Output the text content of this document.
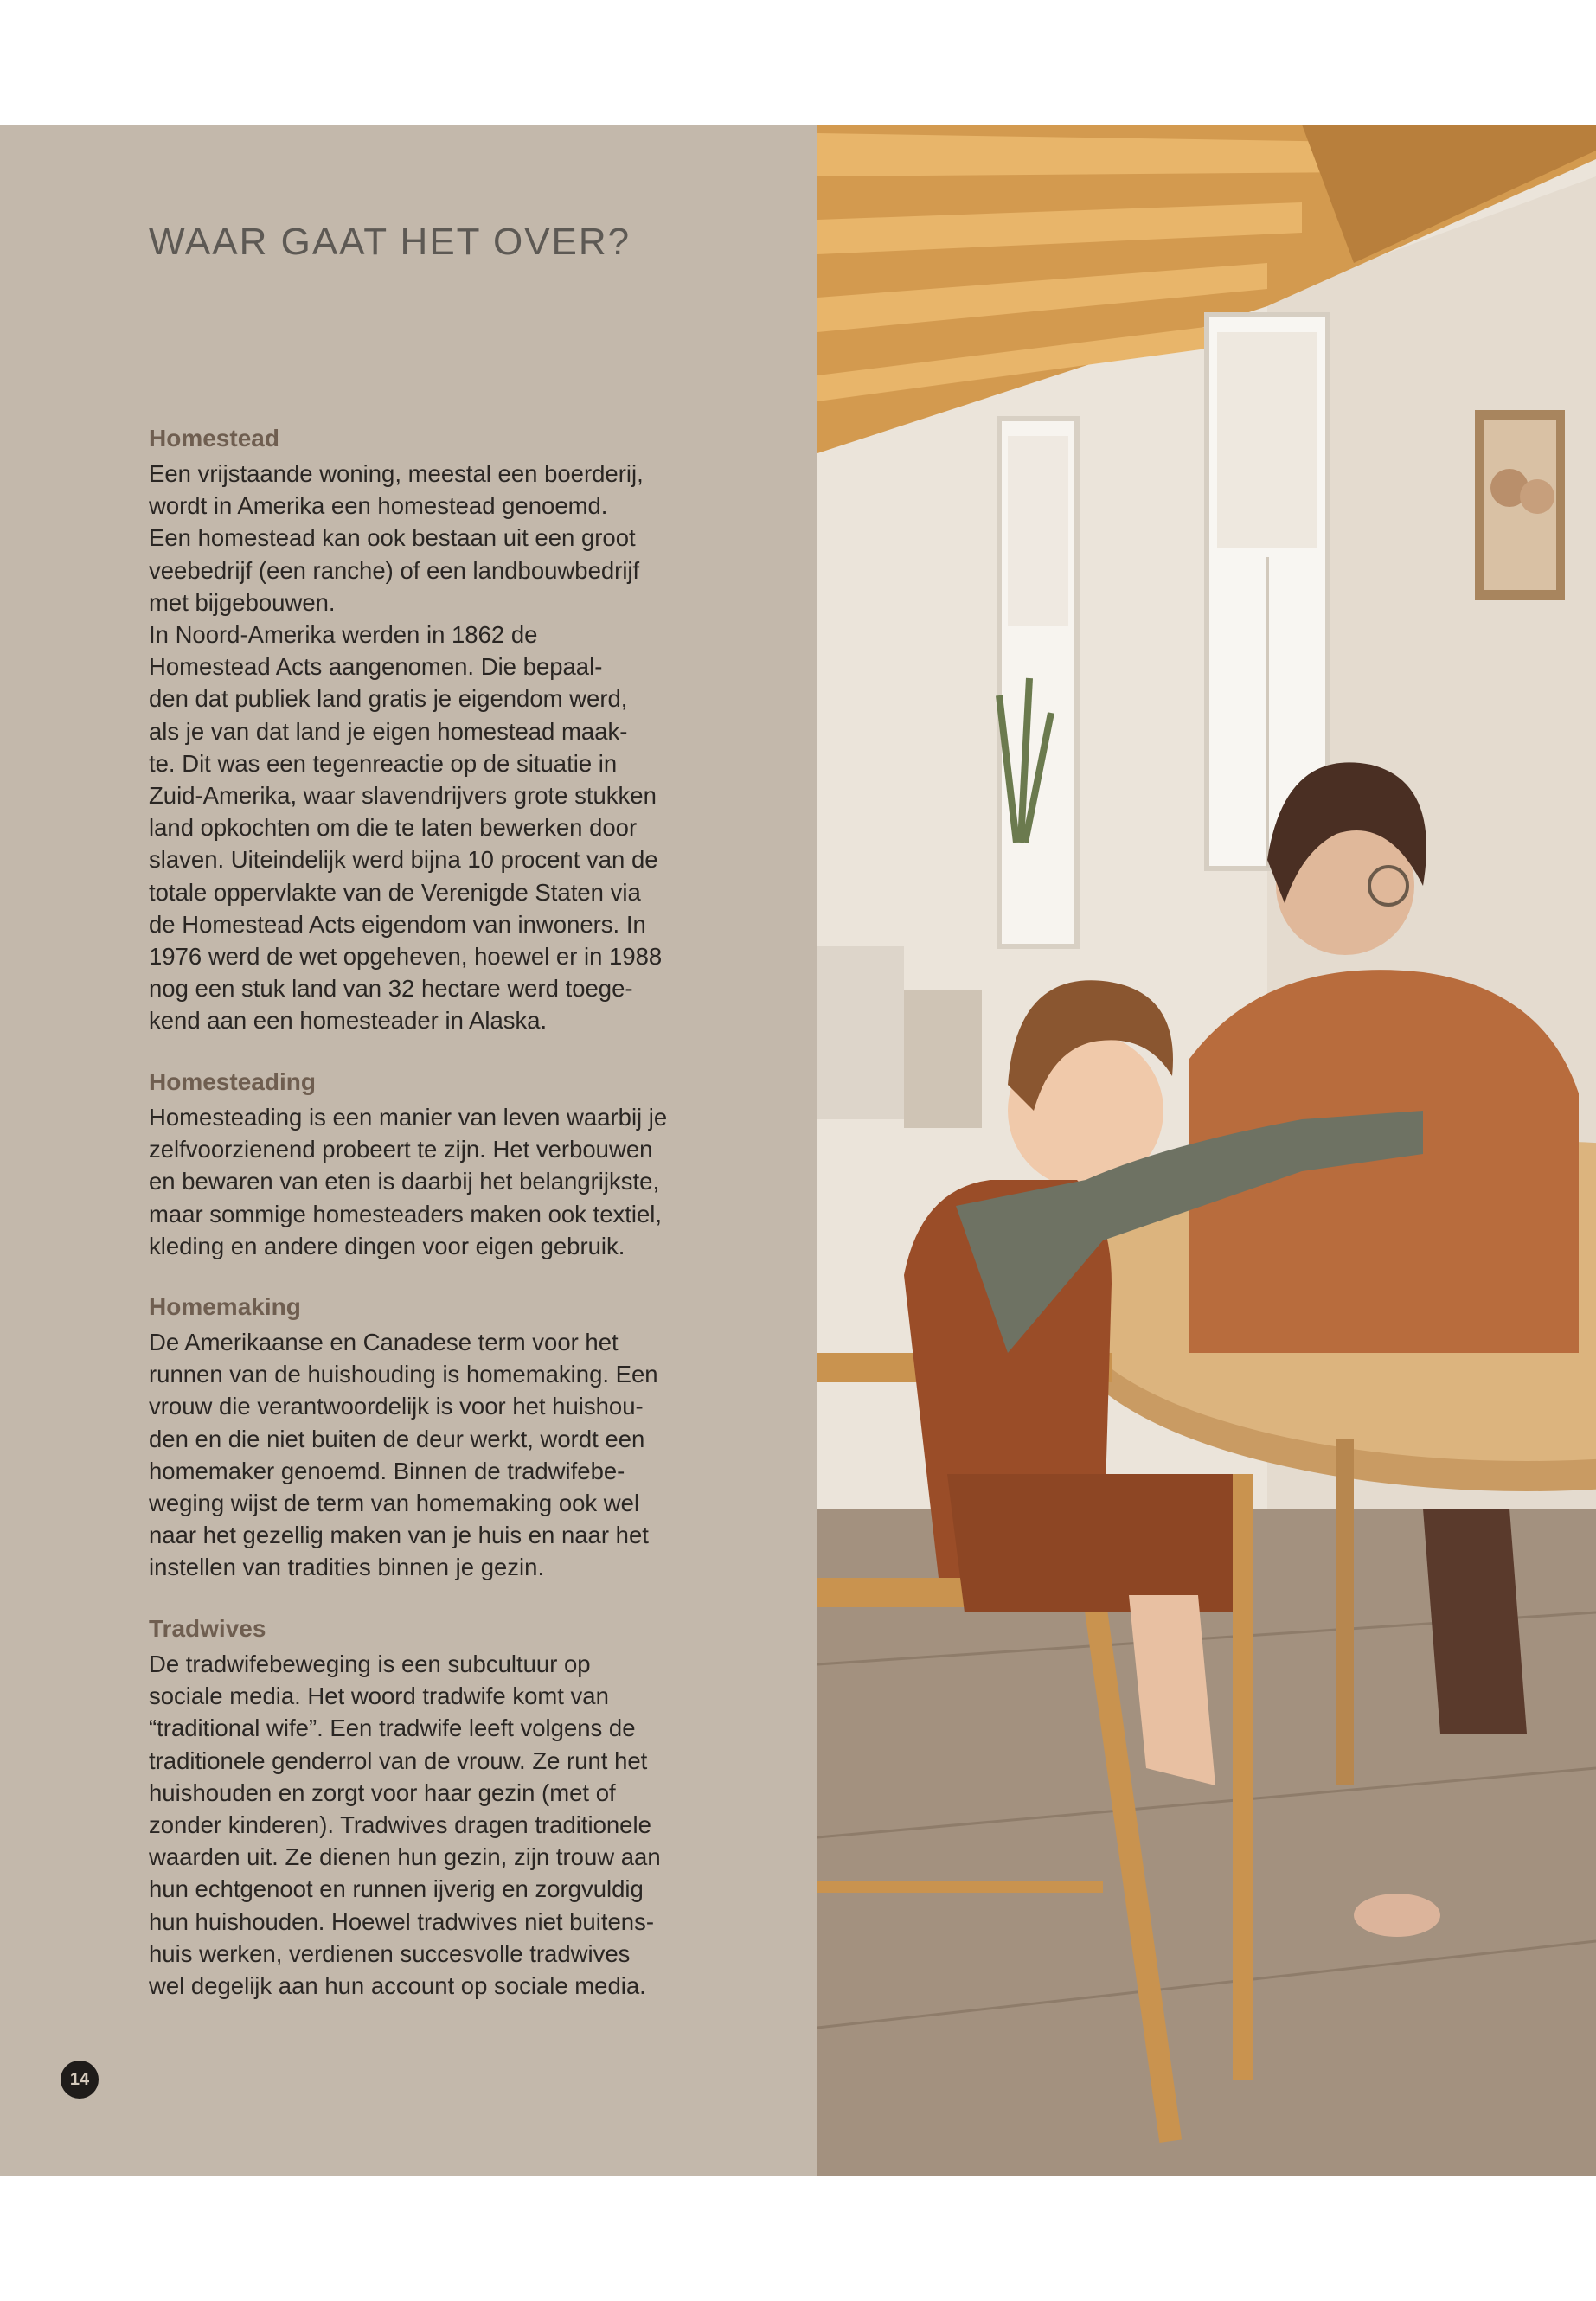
WAAR GAAT HET OVER?
Homestead

Een vrijstaande woning, meestal een boerderij,
wordt in Amerika een homestead genoemd.
Een homestead kan ook bestaan uit een groot
veebedrijf (een ranche) of een landbouwbedrijf
met bijgebouwen.
In Noord-Amerika werden in 1862 de
Homestead Acts aangenomen. Die bepaal-
den dat publiek land gratis je eigendom werd,
als je van dat land je eigen homestead maak-
te. Dit was een tegenreactie op de situatie in
Zuid-Amerika, waar slavendrijvers grote stukken
land opkochten om die te laten bewerken door
slaven. Uiteindelijk werd bijna 10 procent van de
totale oppervlakte van de Verenigde Staten via
de Homestead Acts eigendom van inwoners. In
1976 werd de wet opgeheven, hoewel er in 1988
nog een stuk land van 32 hectare werd toege-
kend aan een homesteader in Alaska.

Homesteading

Homesteading is een manier van leven waarbij je
zelfvoorzienend probeert te zijn. Het verbouwen
en bewaren van eten is daarbij het belangrijkste,
maar sommige homesteaders maken ook textiel,
kleding en andere dingen voor eigen gebruik.

Homemaking

De Amerikaanse en Canadese term voor het
runnen van de huishouding is homemaking. Een
vrouw die verantwoordelijk is voor het huishou-
den en die niet buiten de deur werkt, wordt een
homemaker genoemd. Binnen de tradwifebe-
weging wijst de term van homemaking ook wel
naar het gezellig maken van je huis en naar het
instellen van tradities binnen je gezin.

Tradwives

De tradwifebeweging is een subcultuur op
sociale media. Het woord tradwife komt van
“traditional wife”. Een tradwife leeft volgens de
traditionele genderrol van de vrouw. Ze runt het
huishouden en zorgt voor haar gezin (met of
zonder kinderen). Tradwives dragen traditionele
waarden uit. Ze dienen hun gezin, zijn trouw aan
hun echtgenoot en runnen ijverig en zorgvuldig
hun huishouden. Hoewel tradwives niet buitens-
huis werken, verdienen succesvolle tradwives
wel degelijk aan hun account op sociale media.

14
